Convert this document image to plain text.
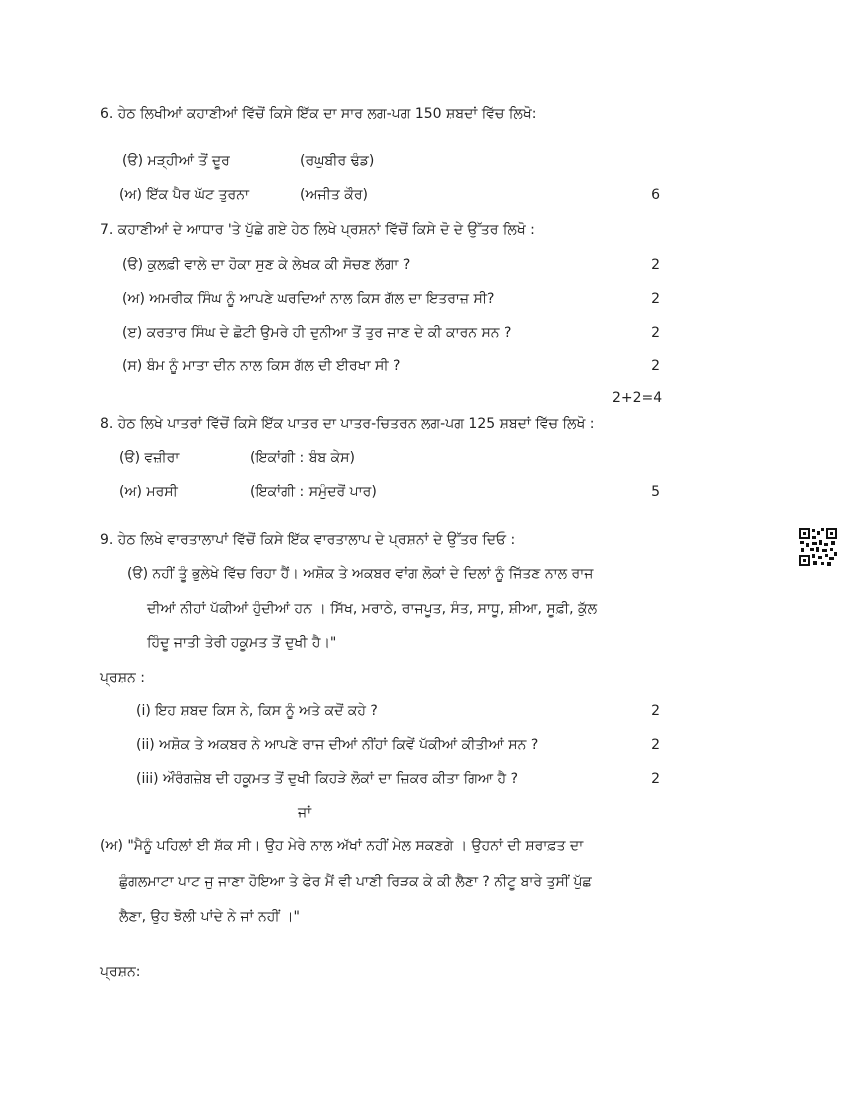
6. ਹੇਠ ਲਿਖੀਆਂ ਕਹਾਣੀਆਂ ਵਿੱਚੋਂ ਕਿਸੇ ਇੱਕ ਦਾ ਸਾਰ ਲਗ-ਪਗ 150 ਸ਼ਬਦਾਂ ਵਿੱਚ ਲਿਖੋ:
(ੳ) ਮੜ੍ਹੀਆਂ ਤੋਂ ਦੂਰ	(ਰਘੁਬੀਰ ਢੰਡ)
(ਅ) ਇੱਕ ਪੈਰ ਘੱਟ ਤੁਰਨਾ	(ਅਜੀਤ ਕੌਰ)	6
7. ਕਹਾਣੀਆਂ ਦੇ ਆਧਾਰ 'ਤੇ ਪੁੱਛੇ ਗਏ ਹੇਠ ਲਿਖੇ ਪ੍ਰਸ਼ਨਾਂ ਵਿੱਚੋਂ ਕਿਸੇ ਦੋ ਦੇ ਉੱਤਰ ਲਿਖੋ :
(ੳ) ਕੁਲਫ਼ੀ ਵਾਲੇ ਦਾ ਹੋਕਾ ਸੁਣ ਕੇ ਲੇਖਕ ਕੀ ਸੋਚਣ ਲੱਗਾ ?	2
(ਅ) ਅਮਰੀਕ ਸਿੰਘ ਨੂੰ ਆਪਣੇ ਘਰਦਿਆਂ ਨਾਲ ਕਿਸ ਗੱਲ ਦਾ ਇਤਰਾਜ਼ ਸੀ?	2
(ੲ) ਕਰਤਾਰ ਸਿੰਘ ਦੇ ਛੋਟੀ ਉਮਰੇ ਹੀ ਦੁਨੀਆ ਤੋਂ ਤੁਰ ਜਾਣ ਦੇ ਕੀ ਕਾਰਨ ਸਨ ?	2
(ਸ) ਬੰਮ ਨੂੰ ਮਾਤਾ ਦੀਨ ਨਾਲ ਕਿਸ ਗੱਲ ਦੀ ਈਰਖਾ ਸੀ ?	2
2+2=4
8. ਹੇਠ ਲਿਖੇ ਪਾਤਰਾਂ ਵਿੱਚੋਂ ਕਿਸੇ ਇੱਕ ਪਾਤਰ ਦਾ ਪਾਤਰ-ਚਿਤਰਨ ਲਗ-ਪਗ 125 ਸ਼ਬਦਾਂ ਵਿੱਚ ਲਿਖੋ :
(ੳ) ਵਜ਼ੀਰਾ	(ਇਕਾਂਗੀ : ਬੰਬ ਕੇਸ)
(ਅ) ਮਰਸੀ	(ਇਕਾਂਗੀ : ਸਮੁੰਦਰੋਂ ਪਾਰ)	5
9. ਹੇਠ ਲਿਖੇ ਵਾਰਤਾਲਾਪਾਂ ਵਿੱਚੋਂ ਕਿਸੇ ਇੱਕ ਵਾਰਤਾਲਾਪ ਦੇ ਪ੍ਰਸ਼ਨਾਂ ਦੇ ਉੱਤਰ ਦਿਓ :
(ੳ) ਨਹੀਂ ਤੂੰ ਭੁਲੇਖੇ ਵਿੱਚ ਰਿਹਾ ਹੈਂ। ਅਸ਼ੋਕ ਤੇ ਅਕਬਰ ਵਾਂਗ ਲੋਕਾਂ ਦੇ ਦਿਲਾਂ ਨੂੰ ਜਿੱਤਣ ਨਾਲ ਰਾਜ
ਦੀਆਂ ਨੀਹਾਂ ਪੱਕੀਆਂ ਹੁੰਦੀਆਂ ਹਨ । ਸਿੱਖ, ਮਰਾਠੇ, ਰਾਜਪੂਤ, ਸੰਤ, ਸਾਧੂ, ਸ਼ੀਆ, ਸੂਫ਼ੀ, ਕੁੱਲ
ਹਿੰਦੂ ਜਾਤੀ ਤੇਰੀ ਹਕੂਮਤ ਤੋਂ ਦੁਖੀ ਹੈ।"
ਪ੍ਰਸ਼ਨ :
(i) ਇਹ ਸ਼ਬਦ ਕਿਸ ਨੇ, ਕਿਸ ਨੂੰ ਅਤੇ ਕਦੋਂ ਕਹੇ ?	2
(ii) ਅਸ਼ੋਕ ਤੇ ਅਕਬਰ ਨੇ ਆਪਣੇ ਰਾਜ ਦੀਆਂ ਨੀਂਹਾਂ ਕਿਵੇਂ ਪੱਕੀਆਂ ਕੀਤੀਆਂ ਸਨ ?	2
(iii) ਔਰੰਗਜ਼ੇਬ ਦੀ ਹਕੂਮਤ ਤੋਂ ਦੁਖੀ ਕਿਹੜੇ ਲੋਕਾਂ ਦਾ ਜ਼ਿਕਰ ਕੀਤਾ ਗਿਆ ਹੈ ?	2
ਜਾਂ
(ਅ) "ਮੈਨੂੰ ਪਹਿਲਾਂ ਈ ਸ਼ੱਕ ਸੀ। ਉਹ ਮੇਰੇ ਨਾਲ ਅੱਖਾਂ ਨਹੀਂ ਮੇਲ ਸਕਣਗੇ । ਉਹਨਾਂ ਦੀ ਸ਼ਰਾਫ਼ਤ ਦਾ
ਛੁੰਗਲਮਾਟਾ ਪਾਟ ਜੁ ਜਾਣਾ ਹੋਇਆ ਤੇ ਫੇਰ ਮੈਂ ਵੀ ਪਾਣੀ ਰਿੜਕ ਕੇ ਕੀ ਲੈਣਾ ? ਨੀਟੂ ਬਾਰੇ ਤੁਸੀਂ ਪੁੱਛ
ਲੈਣਾ, ਉਹ ਝੋਲੀ ਪਾਂਦੇ ਨੇ ਜਾਂ ਨਹੀਂ ।"
ਪ੍ਰਸ਼ਨ:
